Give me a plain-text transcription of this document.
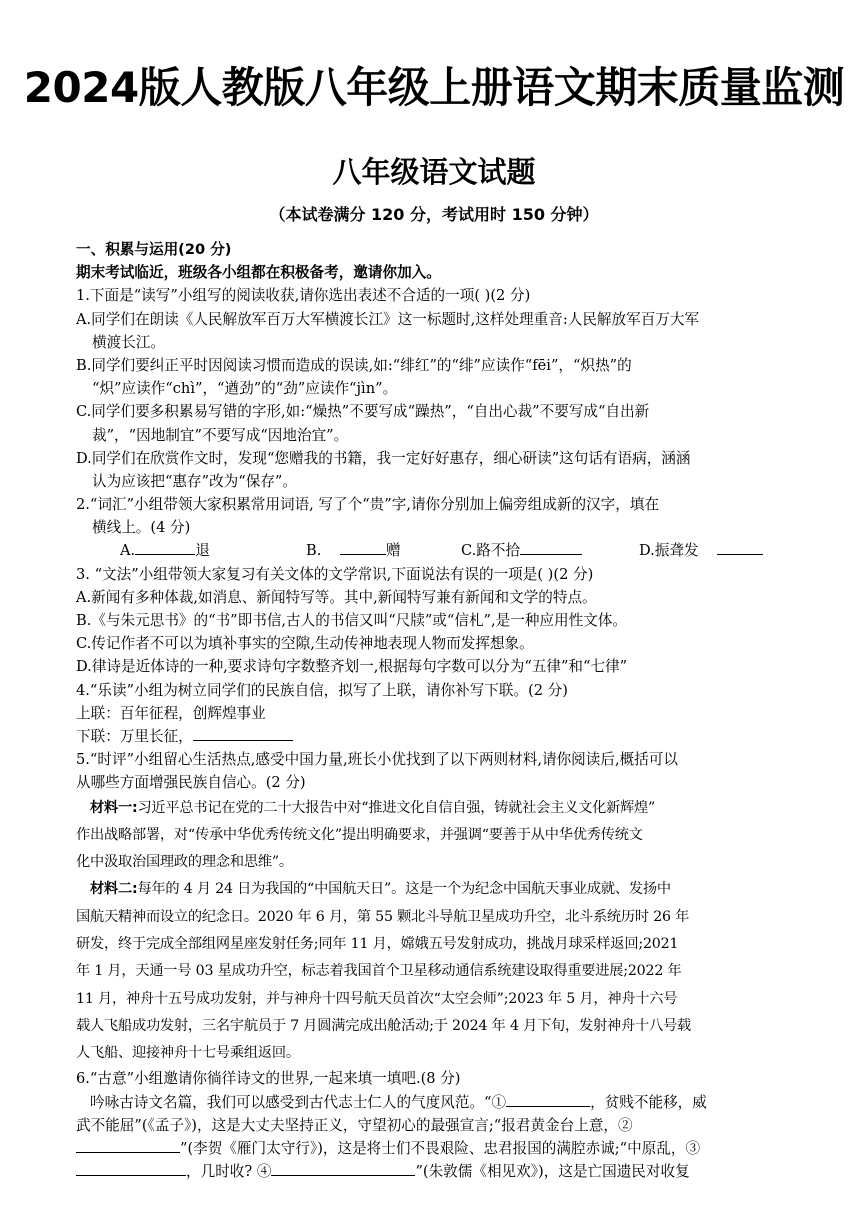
2024版人教版八年级上册语文期末质量监测
八年级语文试题
（本试卷满分 120 分，考试用时 150 分钟）
一、积累与运用(20 分)
期末考试临近，班级各小组都在积极备考，邀请你加入。
1.下面是“读写”小组写的阅读收获,请你选出表述不合适的一项( )(2 分)
A.同学们在朗读《人民解放军百万大军横渡长江》这一标题时,这样处理重音:人民解放军百万大军
横渡长江。
B.同学们要纠正平时因阅读习惯而造成的误读,如:“绯红”的“绯”应读作“fēi”，“炽热”的
“炽”应读作“chì”，“遒劲”的“劲”应读作“jìn”。
C.同学们要多积累易写错的字形,如:“燥热”不要写成“躁热”，“自出心裁”不要写成“自出新
裁”，“因地制宜”不要写成“因地治宜”。
D.同学们在欣赏作文时，发现“您赠我的书籍，我一定好好惠存，细心研读”这句话有语病，涵涵
认为应该把“惠存”改为“保存”。
2.“词汇”小组带领大家积累常用词语, 写了个“贵”字,请你分别加上偏旁组成新的汉字，填在
横线上。(4 分)
A.	退	B.	赠	C.路不拾	D.振聋发
3. “文法”小组带领大家复习有关文体的文学常识,下面说法有误的一项是( )(2 分)
A.新闻有多种体裁,如消息、新闻特写等。其中,新闻特写兼有新闻和文学的特点。
B.《与朱元思书》的“书”即书信,古人的书信又叫“尺牍”或“信札”,是一种应用性文体。
C.传记作者不可以为填补事实的空隙,生动传神地表现人物而发挥想象。
D.律诗是近体诗的一种,要求诗句字数整齐划一,根据每句字数可以分为“五律”和“七律”
4.“乐读”小组为树立同学们的民族自信，拟写了上联，请你补写下联。(2 分)
上联：百年征程，创辉煌事业
下联：万里长征，
5.“时评”小组留心生活热点,感受中国力量,班长小优找到了以下两则材料,请你阅读后,概括可以
从哪些方面增强民族自信心。(2 分)
材料一:习近平总书记在党的二十大报告中对“推进文化自信自强，铸就社会主义文化新辉煌”
作出战略部署，对“传承中华优秀传统文化”提出明确要求，并强调“要善于从中华优秀传统文
化中汲取治国理政的理念和思维”。
材料二:每年的 4 月 24 日为我国的“中国航天日”。这是一个为纪念中国航天事业成就、发扬中
国航天精神而设立的纪念日。2020 年 6 月，第 55 颗北斗导航卫星成功升空，北斗系统历时 26 年
研发，终于完成全部组网星座发射任务;同年 11 月，嫦娥五号发射成功，挑战月球采样返回;2021
年 1 月，天通一号 03 星成功升空，标志着我国首个卫星移动通信系统建设取得重要进展;2022 年
11 月，神舟十五号成功发射，并与神舟十四号航天员首次“太空会师”;2023 年 5 月，神舟十六号
载人飞船成功发射，三名宇航员于 7 月圆满完成出舱活动;于 2024 年 4 月下旬，发射神舟十八号载
人飞船、迎接神舟十七号乘组返回。
6.“古意”小组邀请你徜徉诗文的世界,一起来填一填吧.(8 分)
吟咏古诗文名篇，我们可以感受到古代志士仁人的气度风范。“①	，贫贱不能移，威
武不能屈”(《孟子》)，这是大丈夫坚持正义，守望初心的最强宣言;“报君黄金台上意，②
”(李贺《雁门太守行》)，这是将士们不畏艰险、忠君报国的满腔赤诚;“中原乱，③
，几时收? ④	”(朱敦儒《相见欢》)，这是亡国遗民对收复
